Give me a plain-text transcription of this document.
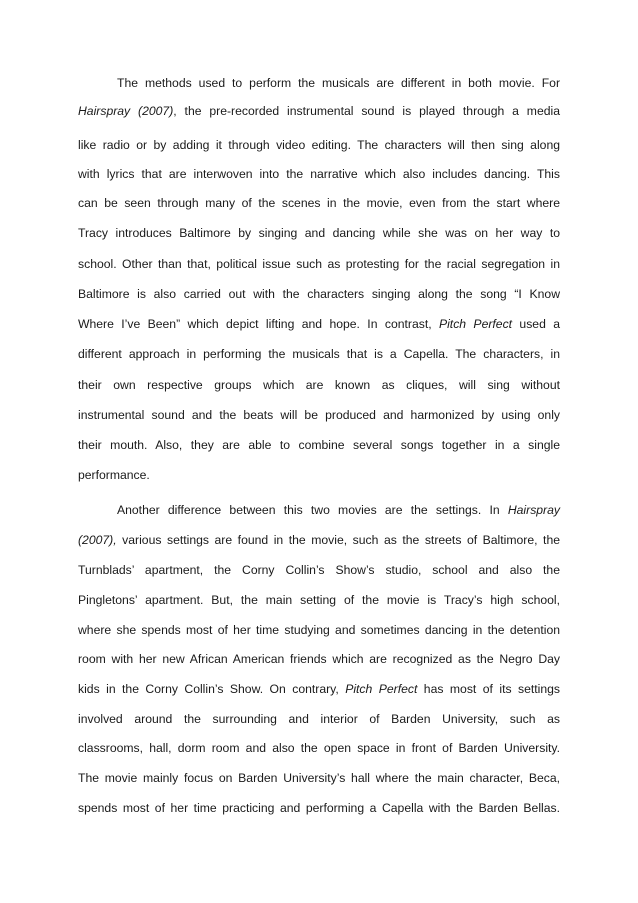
The methods used to perform the musicals are different in both movie. For

Hairspray (2007), the pre-recorded instrumental sound is played through a media

like radio or by adding it through video editing. The characters will then sing along

with lyrics that are interwoven into the narrative which also includes dancing. This

can be seen through many of the scenes in the movie, even from the start where

Tracy introduces Baltimore by singing and dancing while she was on her way to

school. Other than that, political issue such as protesting for the racial segregation in

Baltimore is also carried out with the characters singing along the song “I Know

Where I’ve Been” which depict lifting and hope. In contrast, Pitch Perfect used a

different approach in performing the musicals that is a Capella. The characters, in

their own respective groups which are known as cliques, will sing without

instrumental sound and the beats will be produced and harmonized by using only

their mouth. Also, they are able to combine several songs together in a single

performance.

Another difference between this two movies are the settings. In Hairspray

(2007), various settings are found in the movie, such as the streets of Baltimore, the

Turnblads’ apartment, the Corny Collin’s Show’s studio, school and also the

Pingletons’ apartment. But, the main setting of the movie is Tracy’s high school,

where she spends most of her time studying and sometimes dancing in the detention

room with her new African American friends which are recognized as the Negro Day

kids in the Corny Collin’s Show. On contrary, Pitch Perfect has most of its settings

involved around the surrounding and interior of Barden University, such as

classrooms, hall, dorm room and also the open space in front of Barden University.

The movie mainly focus on Barden University’s hall where the main character, Beca,

spends most of her time practicing and performing a Capella with the Barden Bellas.
